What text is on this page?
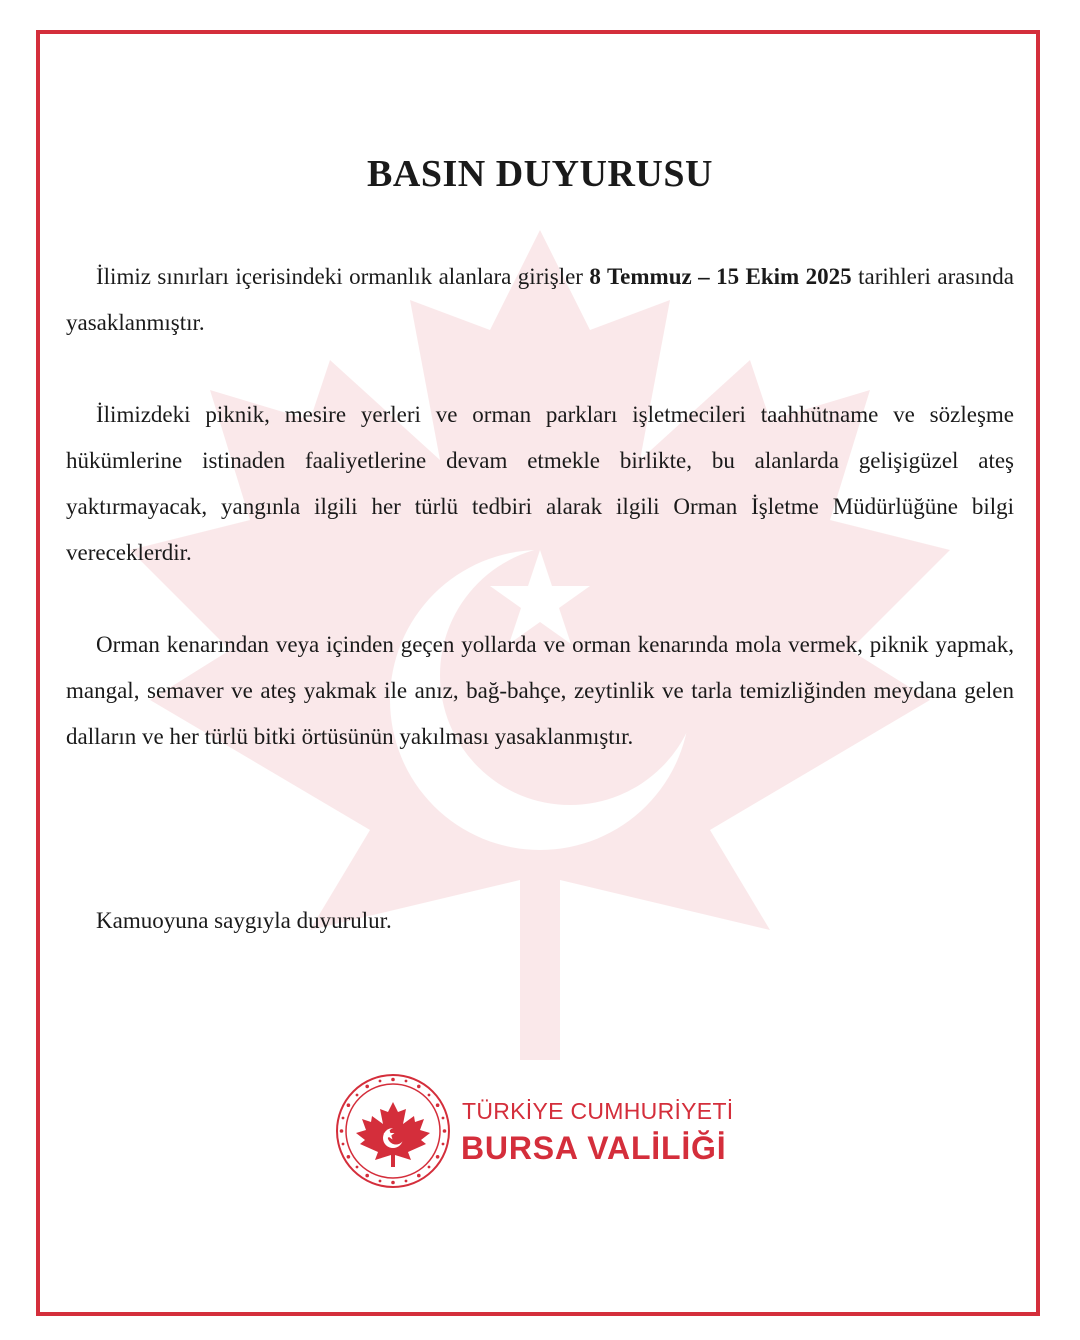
BASIN DUYURUSU

İlimiz sınırları içerisindeki ormanlık alanlara girişler 8 Temmuz – 15 Ekim 2025 tarihleri arasında yasaklanmıştır.

İlimizdeki piknik, mesire yerleri ve orman parkları işletmecileri taahhütname ve sözleşme hükümlerine istinaden faaliyetlerine devam etmekle birlikte, bu alanlarda gelişigüzel ateş yaktırmayacak, yangınla ilgili her türlü tedbiri alarak ilgili Orman İşletme Müdürlüğüne bilgi vereceklerdir.

Orman kenarından veya içinden geçen yollarda ve orman kenarında mola vermek, piknik yapmak, mangal, semaver ve ateş yakmak ile anız, bağ-bahçe, zeytinlik ve tarla temizliğinden meydana gelen dalların ve her türlü bitki örtüsünün yakılması yasaklanmıştır.

Kamuoyuna saygıyla duyurulur.

TÜRKİYE CUMHURİYETİ
BURSA VALİLİĞİ
